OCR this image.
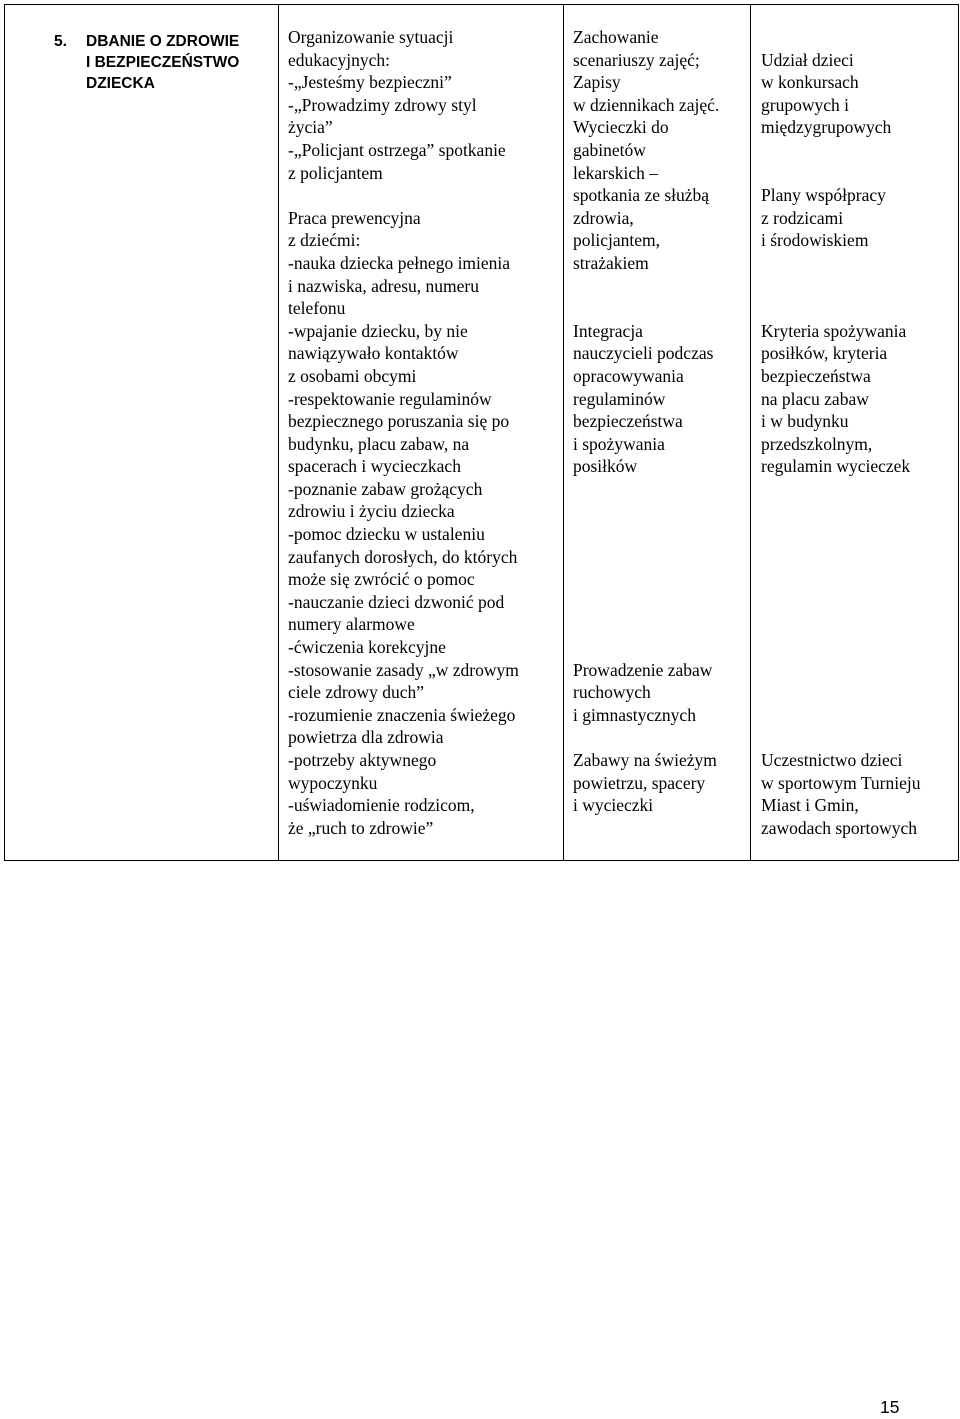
5. DBANIE O ZDROWIE
I BEZPIECZEŃSTWO
DZIECKA
Organizowanie sytuacji
edukacyjnych:
-„Jesteśmy bezpieczni”
-„Prowadzimy zdrowy styl
życia”
-„Policjant ostrzega” spotkanie
z policjantem
Praca prewencyjna
z dziećmi:
-nauka dziecka pełnego imienia
i nazwiska, adresu, numeru
telefonu
-wpajanie dziecku, by nie
nawiązywało kontaktów
z osobami obcymi
-respektowanie regulaminów
bezpiecznego poruszania się po
budynku, placu zabaw, na
spacerach i wycieczkach
-poznanie zabaw grożących
zdrowiu i życiu dziecka
-pomoc dziecku w ustaleniu
zaufanych dorosłych, do których
może się zwrócić o pomoc
-nauczanie dzieci dzwonić pod
numery alarmowe
-ćwiczenia korekcyjne
-stosowanie zasady „w zdrowym
ciele zdrowy duch”
-rozumienie znaczenia świeżego
powietrza dla zdrowia
-potrzeby aktywnego
wypoczynku
-uświadomienie rodzicom,
że „ruch to zdrowie”
Zachowanie
scenariuszy zajęć;
Zapisy
w dziennikach zajęć.
Wycieczki do
gabinetów
lekarskich –
spotkania ze służbą
zdrowia,
policjantem,
strażakiem
Integracja
nauczycieli podczas
opracowywania
regulaminów
bezpieczeństwa
i spożywania
posiłków
Prowadzenie zabaw
ruchowych
i gimnastycznych
Zabawy na świeżym
powietrzu, spacery
i wycieczki
Udział dzieci
w konkursach
grupowych i
międzygrupowych
Plany współpracy
z rodzicami
i środowiskiem
Kryteria spożywania
posiłków, kryteria
bezpieczeństwa
na placu zabaw
i w budynku
przedszkolnym,
regulamin wycieczek
Uczestnictwo dzieci
w sportowym Turnieju
Miast i Gmin,
zawodach sportowych
15
